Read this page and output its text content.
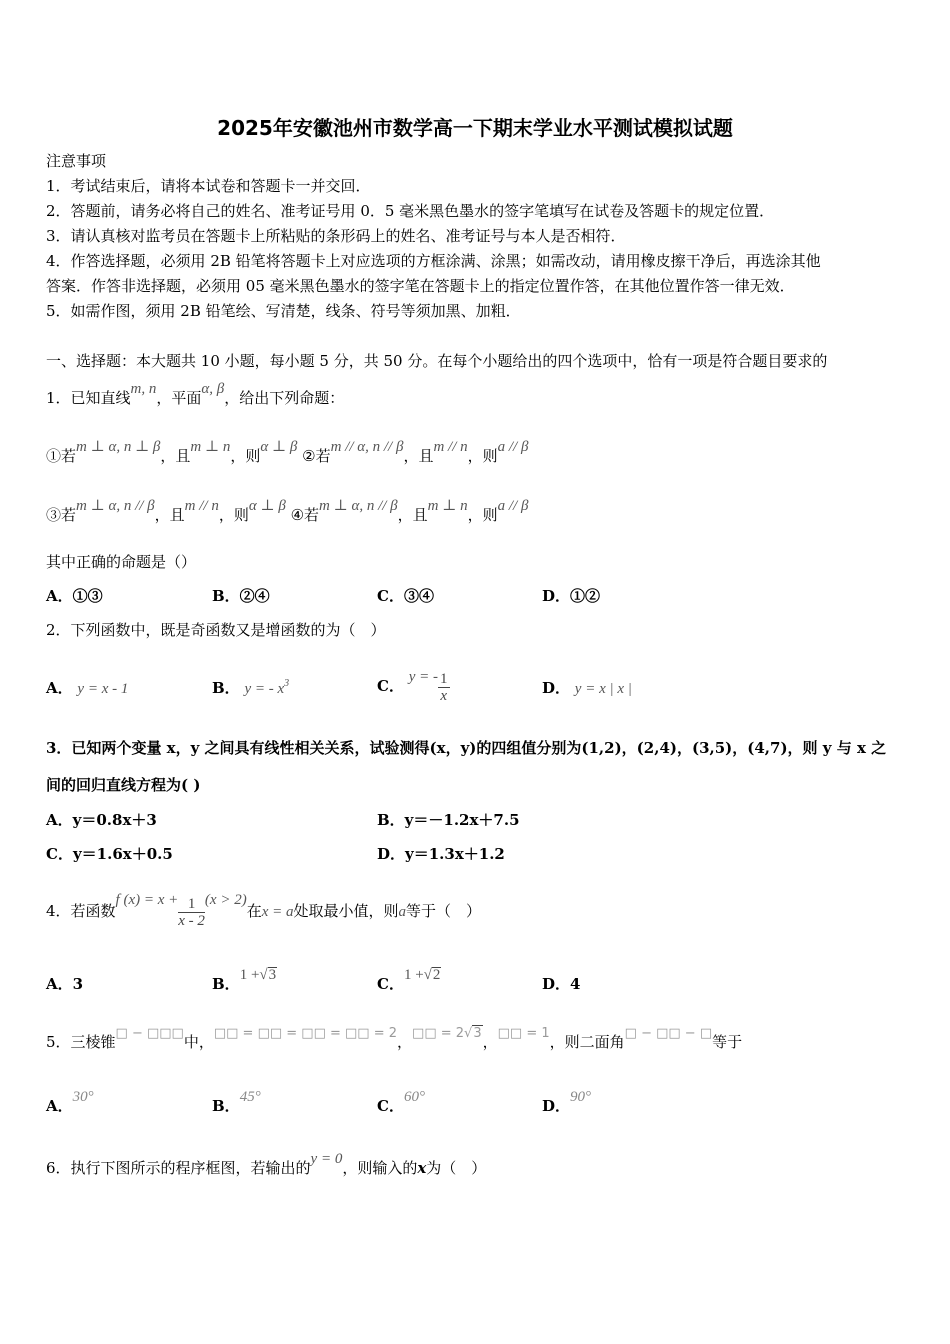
2025年安徽池州市数学高一下期末学业水平测试模拟试题
注意事项
1．考试结束后，请将本试卷和答题卡一并交回．
2．答题前，请务必将自己的姓名、准考证号用 0．5 毫米黑色墨水的签字笔填写在试卷及答题卡的规定位置．
3．请认真核对监考员在答题卡上所粘贴的条形码上的姓名、准考证号与本人是否相符．
4．作答选择题，必须用 2B 铅笔将答题卡上对应选项的方框涂满、涂黑；如需改动，请用橡皮擦干净后，再选涂其他
答案．作答非选择题，必须用 05 毫米黑色墨水的签字笔在答题卡上的指定位置作答，在其他位置作答一律无效．
5．如需作图，须用 2B 铅笔绘、写清楚，线条、符号等须加黑、加粗．
一、选择题：本大题共 10 小题，每小题 5 分，共 50 分。在每个小题给出的四个选项中，恰有一项是符合题目要求的
1．已知直线m, n，平面α, β，给出下列命题：
①若m ⊥ α, n ⊥ β，且m ⊥ n，则α ⊥ β ②若m // α, n // β，且m // n，则a // β
③若m ⊥ α, n // β，且m // n，则α ⊥ β ④若m ⊥ α, n // β，且m ⊥ n，则a // β
其中正确的命题是（）
A．①③	B．②④	C．③④	D．①②
2．下列函数中，既是奇函数又是增函数的为（　）
A． y = x - 1	B． y = - $x^3$	C． y = - $\frac{1}{x}$	D． y = x | x |
3．已知两个变量 x，y 之间具有线性相关关系，试验测得(x，y)的四组值分别为(1,2)，(2,4)，(3,5)，(4,7)，则 y 与 x 之
间的回归直线方程为( )
A．y＝0.8x＋3	B．y＝－1.2x＋7.5
C．y＝1.6x＋0.5	D．y＝1.3x＋1.2
4．若函数f $(x) = x + \frac{1}{x - 2} (x > 2)$在x = a处取最小值，则a等于（　）
A．3	B．1 +√3	C．1 +√2	D．4
5．三棱锥□ − □□□中，□□ = □□ = □□ = □□ = 2，□□ = 2√3，□□ = 1，则二面角□ − □□ − □等于
A．30°	B．45°	C．60°	D．90°
6．执行下图所示的程序框图，若输出的y = 0，则输入的x为（　）
